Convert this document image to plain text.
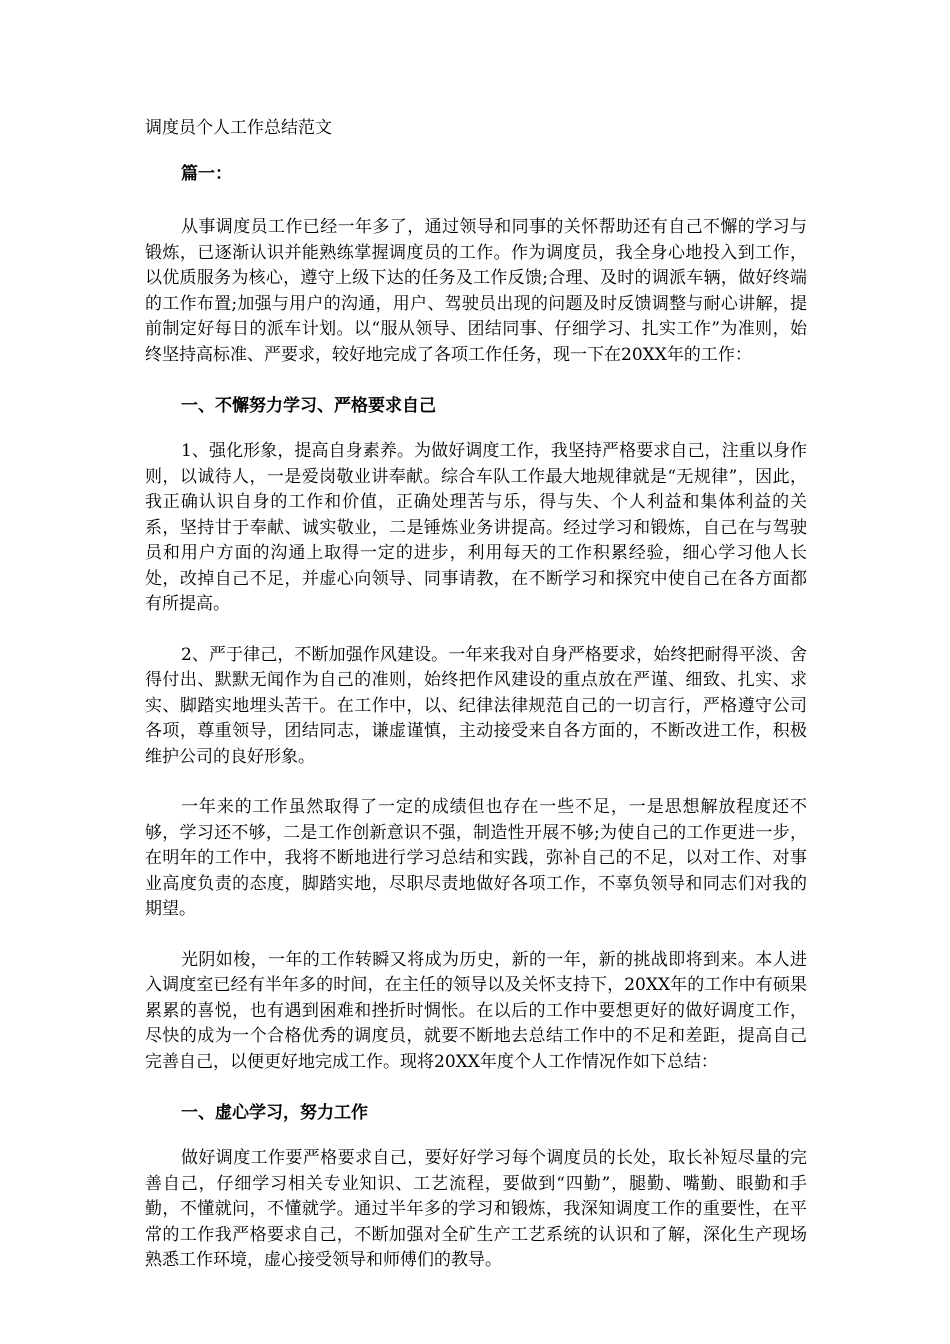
调度员个人工作总结范文

篇一：

从事调度员工作已经一年多了，通过领导和同事的关怀帮助还有自己不懈的学习与锻炼，已逐渐认识并能熟练掌握调度员的工作。作为调度员，我全身心地投入到工作，以优质服务为核心，遵守上级下达的任务及工作反馈;合理、及时的调派车辆，做好终端的工作布置;加强与用户的沟通，用户、驾驶员出现的问题及时反馈调整与耐心讲解，提前制定好每日的派车计划。以“服从领导、团结同事、仔细学习、扎实工作”为准则，始终坚持高标准、严要求，较好地完成了各项工作任务，现一下在20XX年的工作：

一、不懈努力学习、严格要求自己

1、强化形象，提高自身素养。为做好调度工作，我坚持严格要求自己，注重以身作则，以诚待人，一是爱岗敬业讲奉献。综合车队工作最大地规律就是“无规律”，因此，我正确认识自身的工作和价值，正确处理苦与乐，得与失、个人利益和集体利益的关系，坚持甘于奉献、诚实敬业，二是锤炼业务讲提高。经过学习和锻炼，自己在与驾驶员和用户方面的沟通上取得一定的进步，利用每天的工作积累经验，细心学习他人长处，改掉自己不足，并虚心向领导、同事请教，在不断学习和探究中使自己在各方面都有所提高。

2、严于律己，不断加强作风建设。一年来我对自身严格要求，始终把耐得平淡、舍得付出、默默无闻作为自己的准则，始终把作风建设的重点放在严谨、细致、扎实、求实、脚踏实地埋头苦干。在工作中，以、纪律法律规范自己的一切言行，严格遵守公司各项，尊重领导，团结同志，谦虚谨慎，主动接受来自各方面的，不断改进工作，积极维护公司的良好形象。

一年来的工作虽然取得了一定的成绩但也存在一些不足，一是思想解放程度还不够，学习还不够，二是工作创新意识不强，制造性开展不够;为使自己的工作更进一步，在明年的工作中，我将不断地进行学习总结和实践，弥补自己的不足，以对工作、对事业高度负责的态度，脚踏实地，尽职尽责地做好各项工作，不辜负领导和同志们对我的期望。

光阴如梭，一年的工作转瞬又将成为历史，新的一年，新的挑战即将到来。本人进入调度室已经有半年多的时间，在主任的领导以及关怀支持下，20XX年的工作中有硕果累累的喜悦，也有遇到困难和挫折时惆怅。在以后的工作中要想更好的做好调度工作，尽快的成为一个合格优秀的调度员，就要不断地去总结工作中的不足和差距，提高自己完善自己，以便更好地完成工作。现将20XX年度个人工作情况作如下总结：

一、虚心学习，努力工作

做好调度工作要严格要求自己，要好好学习每个调度员的长处，取长补短尽量的完善自己，仔细学习相关专业知识、工艺流程，要做到“四勤”，腿勤、嘴勤、眼勤和手勤，不懂就问，不懂就学。通过半年多的学习和锻炼，我深知调度工作的重要性，在平常的工作我严格要求自己，不断加强对全矿生产工艺系统的认识和了解，深化生产现场熟悉工作环境，虚心接受领导和师傅们的教导。
